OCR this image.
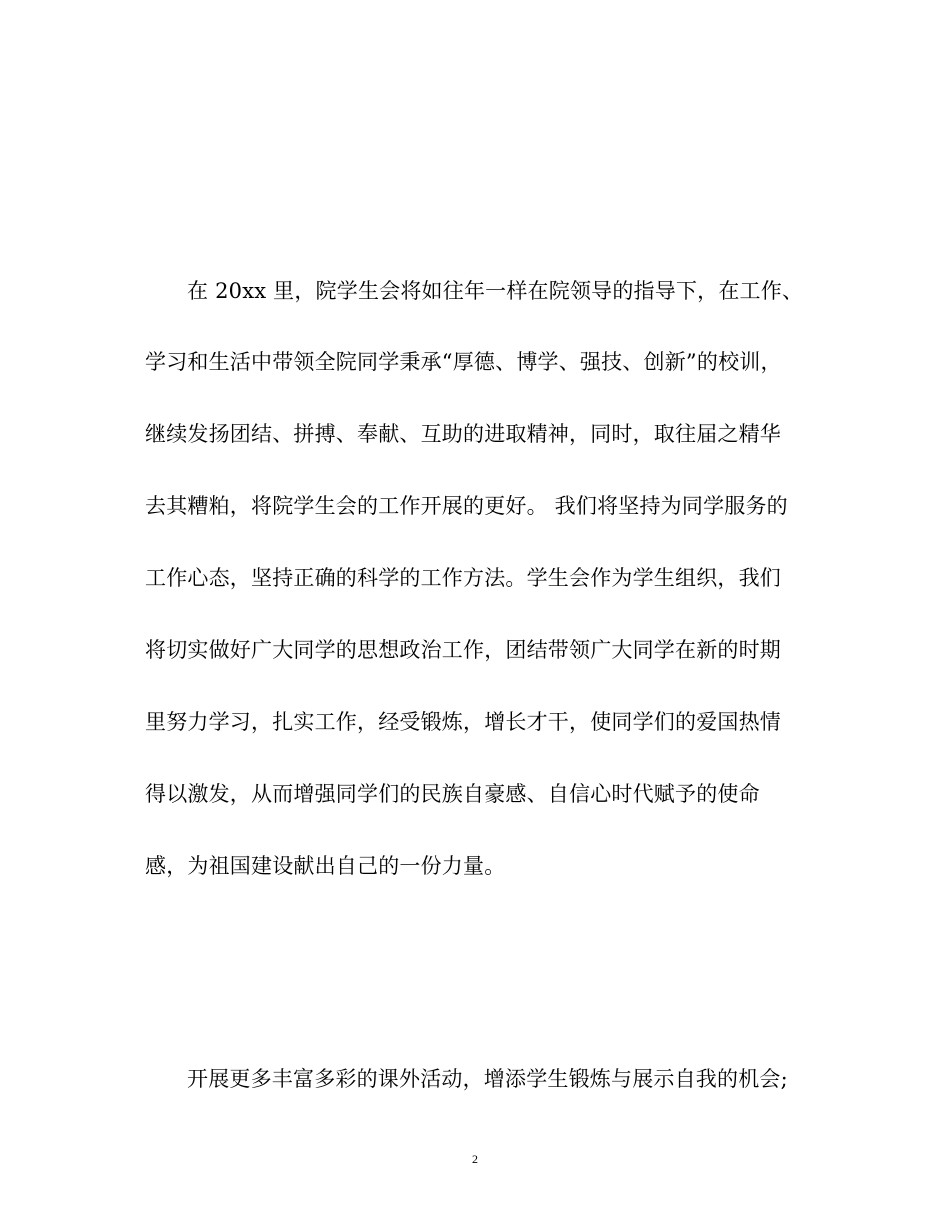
在 20xx 里，院学生会将如往年一样在院领导的指导下，在工作、
学习和生活中带领全院同学秉承“厚德、博学、强技、创新”的校训，
继续发扬团结、拼搏、奉献、互助的进取精神，同时，取往届之精华
去其糟粕，将院学生会的工作开展的更好。 我们将坚持为同学服务的
工作心态，坚持正确的科学的工作方法。学生会作为学生组织，我们
将切实做好广大同学的思想政治工作，团结带领广大同学在新的时期
里努力学习，扎实工作，经受锻炼，增长才干，使同学们的爱国热情
得以激发，从而增强同学们的民族自豪感、自信心时代赋予的使命
感，为祖国建设献出自己的一份力量。
开展更多丰富多彩的课外活动，增添学生锻炼与展示自我的机会;
2
